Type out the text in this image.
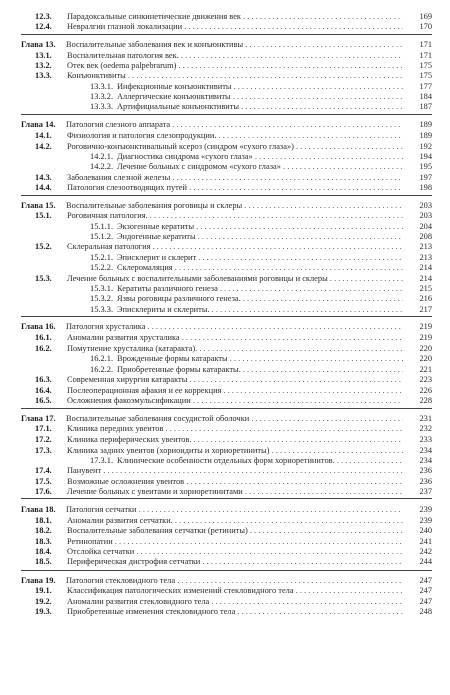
12.3. Парадоксальные синкинетические движения век . . .	169
12.4. Невралгии глазной локализации . . .	170
Глава 13. Воспалительные заболевания век и конъюнктивы . . .	171
13.1. Воспалительная патология век. . . .	171
13.2. Отек век (oedema palpebrarum) . . .	175
13.3. Конъюнктивиты . . .	175
13.3.1. Инфекционные конъюнктивиты . . .	177
13.3.2. Аллергические конъюнктивиты . . .	184
13.3.3. Артифициальные конъюнктивиты . . .	187
Глава 14. Патология слезного аппарата . . .	189
14.1. Физиология и патология слезопродукции. . . .	189
14.2. Роговично-конъюнктивальный ксероз (синдром «сухого глаза») . . .	192
14.2.1. Диагностика синдрома «сухого глаза» . . .	194
14.2.2. Лечение больных с синдромом «сухого глаза» . . .	195
14.3. Заболевания слезной железы . . .	197
14.4. Патология слезоотводящих путей . . .	198
Глава 15. Воспалительные заболевания роговицы и склеры . . .	203
15.1. Роговичная патология. . . .	203
15.1.1. Экзогенные кератиты . . .	204
15.1.2. Эндогенные кератиты . . .	208
15.2. Склеральная патология . . .	213
15.2.1. Эписклерит и склерит . . .	213
15.2.2. Склеромаляция . . .	214
15.3. Лечение больных с воспалительными заболеваниями роговицы и склеры . . .	214
15.3.1. Кератиты различного генеза . . .	215
15.3.2. Язвы роговицы различного генеза. . . .	216
15.3.3. Эписклериты и склериты. . . .	217
Глава 16. Патология хрусталика . . .	219
16.1. Аномалии развития хрусталика . . .	219
16.2. Помутнение хрусталика (катаракта). . . .	220
16.2.1. Врожденные формы катаракты . . .	220
16.2.2. Приобретенные формы катаракты. . . .	221
16.3. Современная хирургия катаракты . . .	223
16.4. Послеоперационная афакия и ее коррекция . . .	226
16.5. Осложнения факоэмульсификации . . .	228
Глава 17. Воспалительные заболевания сосудистой оболочки . . .	231
17.1. Клиника передних увеитов . . .	232
17.2. Клиника периферических увеитов. . . .	233
17.3. Клиника задних увеитов (хориоидиты и хориоретиниты) . . .	234
17.3.1. Клинические особенности отдельных форм хориоретинитов. . . .	234
17.4. Панувеит . . .	236
17.5. Возможные осложнения увеитов . . .	236
17.6. Лечение больных с увеитами и хориоретинитами . . .	237
Глава 18. Патология сетчатки . . .	239
18.1. Аномалии развития сетчатки. . . .	239
18.2. Воспалительные заболевания сетчатки (ретиниты) . . .	240
18.3. Ретинопатии . . .	241
18.4. Отслойка сетчатки . . .	242
18.5. Периферическая дистрофия сетчатки . . .	244
Глава 19. Патология стекловидного тела . . .	247
19.1. Классификация патологических изменений стекловидного тела . . .	247
19.2. Аномалии развития стекловидного тела . . .	247
19.3. Приобретенные изменения стекловидного тела . . .	248
